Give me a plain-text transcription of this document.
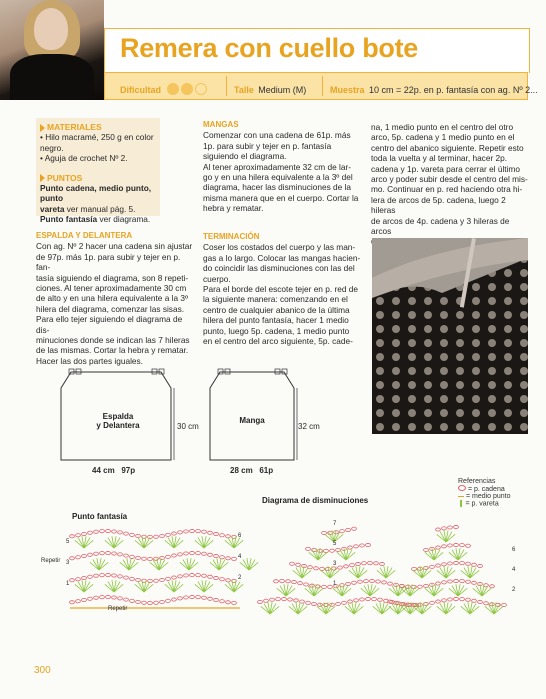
Remera con cuello bote
Dificultad	Talle Medium (M)	Muestra 10 cm = 22p. en p. fantasía con ag. Nº 2...
MATERIALES
• Hilo macramé, 250 g en color negro.
• Aguja de crochet Nº 2.
PUNTOS
Punto cadena, medio punto, punto
vareta ver manual pág. 5.
Punto fantasía ver diagrama.
ESPALDA Y DELANTERA
Con ag. Nº 2 hacer una cadena sin ajustar
de 97p. más 1p. para subir y tejer en p. fan-
tasía siguiendo el diagrama, son 8 repeti-
ciones. Al tener aproximadamente 30 cm
de alto y en una hilera equivalente a la 3º
hilera del diagrama, comenzar las sisas.
Para ello tejer siguiendo el diagrama de dis-
minuciones donde se indican las 7 hileras
de las mismas. Cortar la hebra y rematar.
Hacer las dos partes iguales.
MANGAS
Comenzar con una cadena de 61p. más
1p. para subir y tejer en p. fantasía
siguiendo el diagrama.
Al tener aproximadamente 32 cm de lar-
go y en una hilera equivalente a la 3º del
diagrama, hacer las disminuciones de la
misma manera que en el cuerpo. Cortar la
hebra y rematar.
TERMINACIÓN
Coser los costados del cuerpo y las man-
gas a lo largo. Colocar las mangas hacien-
do coincidir las disminuciones con las del
cuerpo.
Para el borde del escote tejer en p. red de
la siguiente manera: comenzando en el
centro de cualquier abanico de la última
hilera del punto fantasía, hacer 1 medio
punto, luego 5p. cadena, 1 medio punto
en el centro del arco siguiente, 5p. cade-
na, 1 medio punto en el centro del otro
arco, 5p. cadena y 1 medio punto en el
centro del abanico siguiente. Repetir esto
toda la vuelta y al terminar, hacer 2p.
cadena y 1p. vareta para cerrar el último
arco y poder subir desde el centro del mis-
mo. Continuar en p. red haciendo otra hi-
lera de arcos de 5p. cadena, luego 2 hileras
de arcos de 4p. cadena y 3 hileras de arcos
Espalda
y Delantera	30 cm
44 cm 97p
Manga
32 cm
28 cm 61p
Punto fantasía
Diagrama de disminuciones
Referencias
= p. cadena
= medio punto
= p. vareta
Repetir
Repetir
5
3
1
6
4
2
7
5
3
1
6
4
2
300
